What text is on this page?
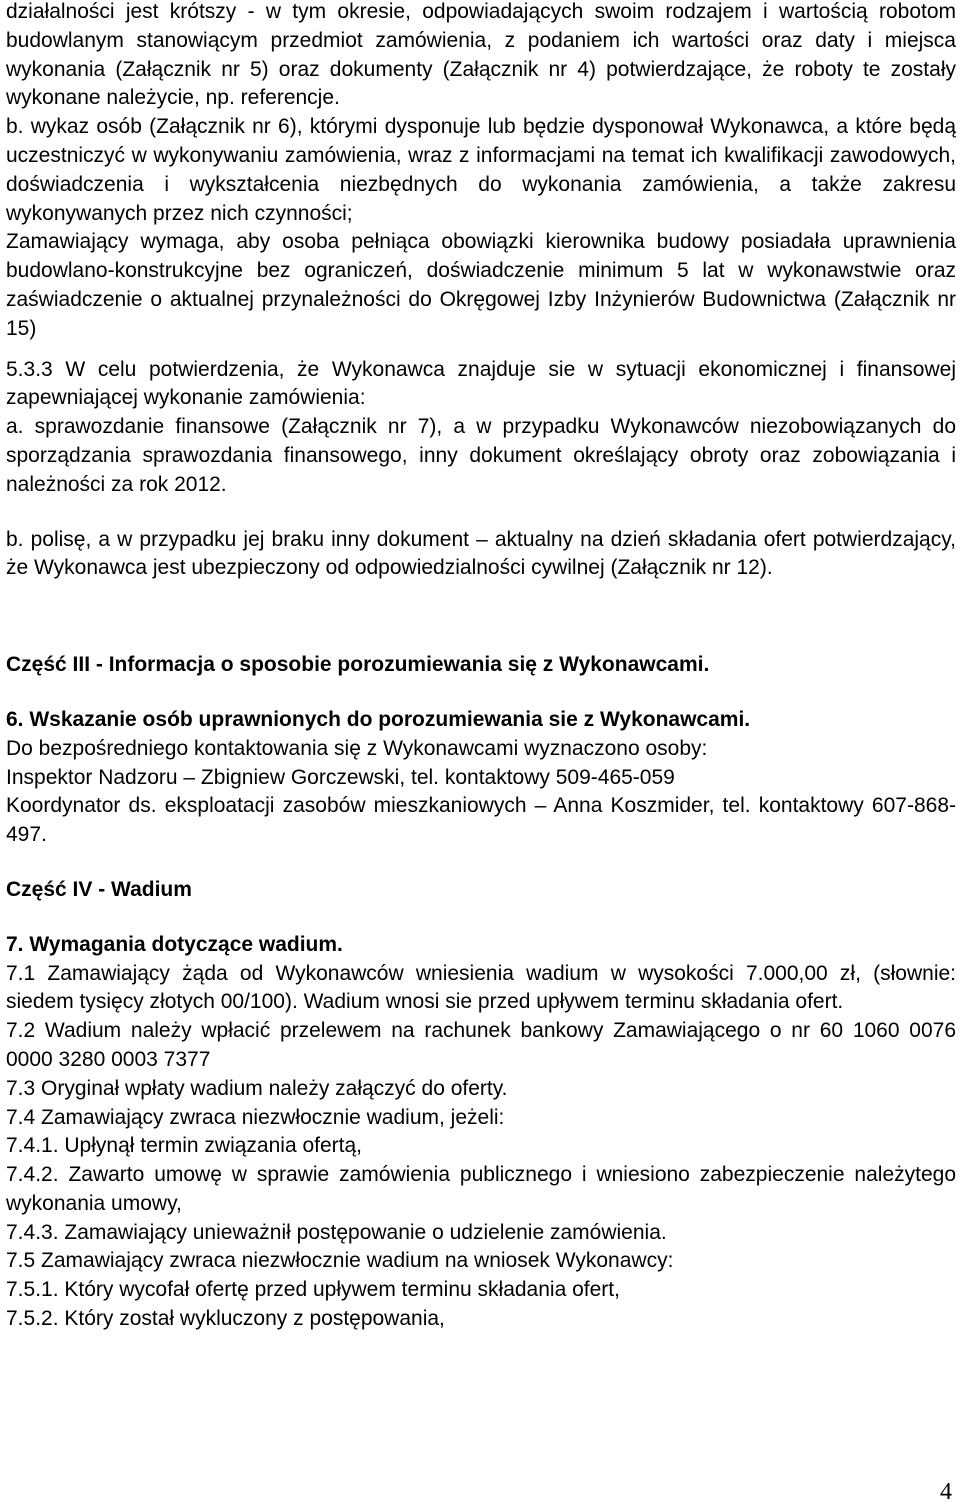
działalności jest krótszy - w tym okresie, odpowiadających swoim rodzajem i wartością robotom budowlanym stanowiącym przedmiot zamówienia, z podaniem ich wartości oraz daty i miejsca wykonania (Załącznik nr 5) oraz dokumenty (Załącznik nr 4) potwierdzające, że roboty te zostały wykonane należycie, np. referencje.

b. wykaz osób (Załącznik nr 6), którymi dysponuje lub będzie dysponował Wykonawca, a które będą uczestniczyć w wykonywaniu zamówienia, wraz z informacjami na temat ich kwalifikacji zawodowych, doświadczenia i wykształcenia niezbędnych do wykonania zamówienia, a także zakresu wykonywanych przez nich czynności;

Zamawiający wymaga, aby osoba pełniąca obowiązki kierownika budowy posiadała uprawnienia budowlano-konstrukcyjne bez ograniczeń, doświadczenie minimum 5 lat w wykonawstwie oraz zaświadczenie o aktualnej przynależności do Okręgowej Izby Inżynierów Budownictwa (Załącznik nr 15)

5.3.3 W celu potwierdzenia, że Wykonawca znajduje sie w sytuacji ekonomicznej i finansowej zapewniającej wykonanie zamówienia:

a. sprawozdanie finansowe (Załącznik nr 7), a w przypadku Wykonawców niezobowiązanych do sporządzania sprawozdania finansowego, inny dokument określający obroty oraz zobowiązania i należności za rok 2012.

b. polisę, a w przypadku jej braku inny dokument – aktualny na dzień składania ofert potwierdzający, że Wykonawca jest ubezpieczony od odpowiedzialności cywilnej (Załącznik nr 12).

Część III - Informacja o sposobie porozumiewania się z Wykonawcami.

6. Wskazanie osób uprawnionych do porozumiewania sie z Wykonawcami.

Do bezpośredniego kontaktowania się z Wykonawcami wyznaczono osoby:

Inspektor Nadzoru – Zbigniew Gorczewski, tel. kontaktowy 509-465-059

Koordynator ds. eksploatacji zasobów mieszkaniowych – Anna Koszmider, tel. kontaktowy 607-868-497.

Część IV - Wadium

7. Wymagania dotyczące wadium.

7.1 Zamawiający żąda od Wykonawców wniesienia wadium w wysokości 7.000,00 zł, (słownie: siedem tysięcy złotych 00/100). Wadium wnosi sie przed upływem terminu składania ofert.

7.2 Wadium należy wpłacić przelewem na rachunek bankowy Zamawiającego o nr 60 1060 0076 0000 3280 0003 7377

7.3 Oryginał wpłaty wadium należy załączyć do oferty.

7.4 Zamawiający zwraca niezwłocznie wadium, jeżeli:

7.4.1. Upłynął termin związania ofertą,

7.4.2. Zawarto umowę w sprawie zamówienia publicznego i wniesiono zabezpieczenie należytego wykonania umowy,

7.4.3. Zamawiający unieważnił postępowanie o udzielenie zamówienia.

7.5 Zamawiający zwraca niezwłocznie wadium na wniosek Wykonawcy:

7.5.1. Który wycofał ofertę przed upływem terminu składania ofert,

7.5.2. Który został wykluczony z postępowania,

4
